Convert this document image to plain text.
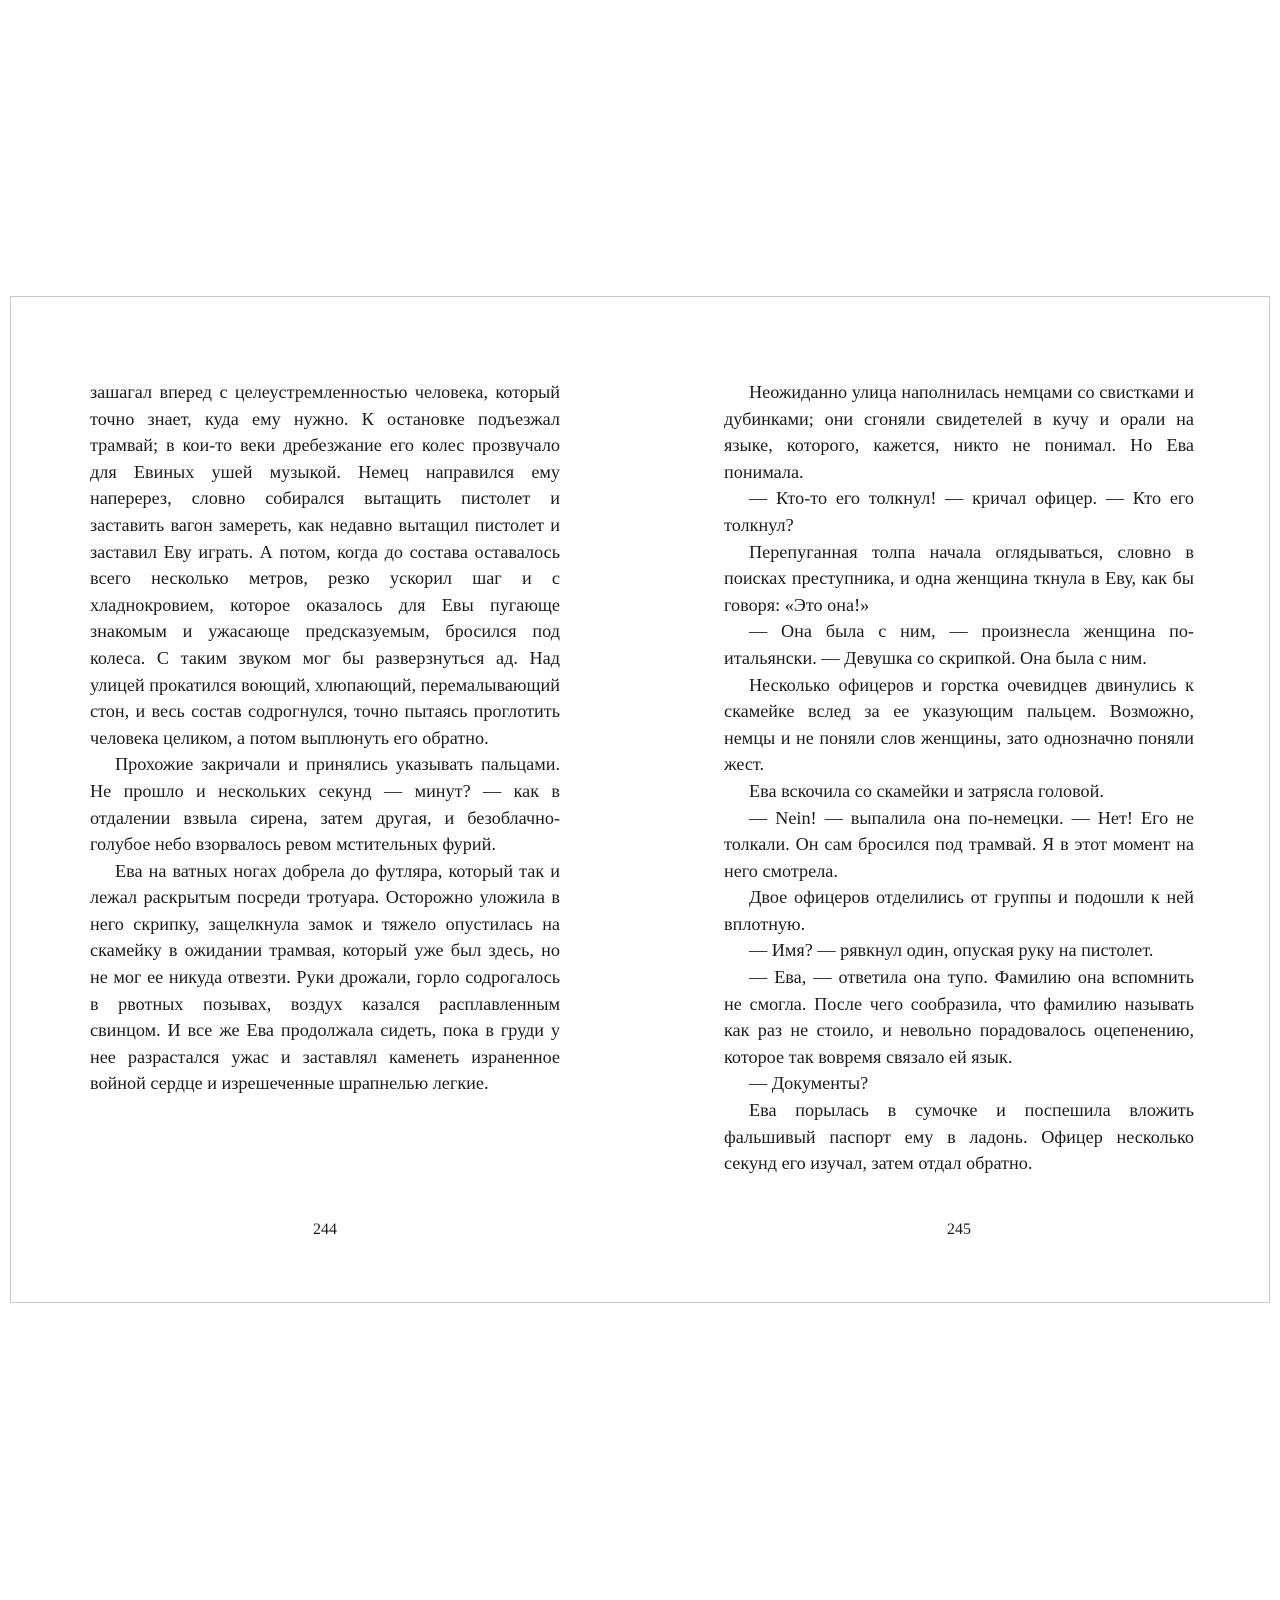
зашагал вперед с целеустремленностью человека, который точно знает, куда ему нужно. К остановке подъезжал трамвай; в кои-то веки дребезжание его колес прозвучало для Евиных ушей музыкой. Немец направился ему наперерез, словно собирался вытащить пистолет и заставить вагон замереть, как недавно вытащил пистолет и заставил Еву играть. А потом, когда до состава оставалось всего несколько метров, резко ускорил шаг и с хладнокровием, которое оказалось для Евы пугающе знакомым и ужасающе предсказуемым, бросился под колеса. С таким звуком мог бы разверзнуться ад. Над улицей прокатился воющий, хлюпающий, перемалывающий стон, и весь состав содрогнулся, точно пытаясь проглотить человека целиком, а потом выплюнуть его обратно.

Прохожие закричали и принялись указывать пальцами. Не прошло и нескольких секунд — минут? — как в отдалении взвыла сирена, затем другая, и безоблачно-голубое небо взорвалось ревом мстительных фурий.

Ева на ватных ногах добрела до футляра, который так и лежал раскрытым посреди тротуара. Осторожно уложила в него скрипку, защелкнула замок и тяжело опустилась на скамейку в ожидании трамвая, который уже был здесь, но не мог ее никуда отвезти. Руки дрожали, горло содрогалось в рвотных позывах, воздух казался расплавленным свинцом. И все же Ева продолжала сидеть, пока в груди у нее разрастался ужас и заставлял каменеть израненное войной сердце и изрешеченные шрапнелью легкие.

244

Неожиданно улица наполнилась немцами со свистками и дубинками; они сгоняли свидетелей в кучу и орали на языке, которого, кажется, никто не понимал. Но Ева понимала.

— Кто-то его толкнул! — кричал офицер. — Кто его толкнул?

Перепуганная толпа начала оглядываться, словно в поисках преступника, и одна женщина ткнула в Еву, как бы говоря: «Это она!»

— Она была с ним, — произнесла женщина по-итальянски. — Девушка со скрипкой. Она была с ним.

Несколько офицеров и горстка очевидцев двинулись к скамейке вслед за ее указующим пальцем. Возможно, немцы и не поняли слов женщины, зато однозначно поняли жест.

Ева вскочила со скамейки и затрясла головой.

— Nein! — выпалила она по-немецки. — Нет! Его не толкали. Он сам бросился под трамвай. Я в этот момент на него смотрела.

Двое офицеров отделились от группы и подошли к ней вплотную.

— Имя? — рявкнул один, опуская руку на пистолет.

— Ева, — ответила она тупо. Фамилию она вспомнить не смогла. После чего сообразила, что фамилию называть как раз не стоило, и невольно порадовалось оцепенению, которое так вовремя связало ей язык.

— Документы?

Ева порылась в сумочке и поспешила вложить фальшивый паспорт ему в ладонь. Офицер несколько секунд его изучал, затем отдал обратно.

245
